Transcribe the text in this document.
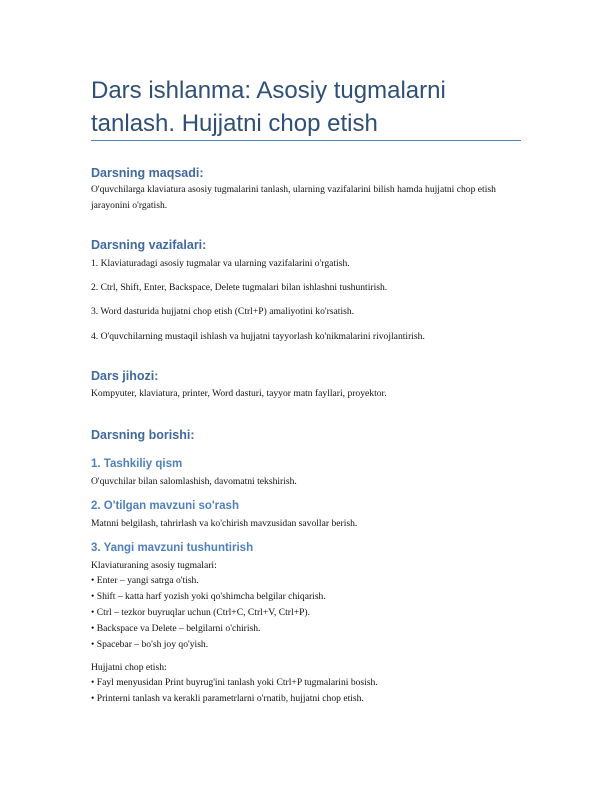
Dars ishlanma: Asosiy tugmalarni tanlash. Hujjatni chop etish
Darsning maqsadi:
O'quvchilarga klaviatura asosiy tugmalarini tanlash, ularning vazifalarini bilish hamda hujjatni chop etish jarayonini o'rgatish.
Darsning vazifalari:
1. Klaviaturadagi asosiy tugmalar va ularning vazifalarini o'rgatish.
2. Ctrl, Shift, Enter, Backspace, Delete tugmalari bilan ishlashni tushuntirish.
3. Word dasturida hujjatni chop etish (Ctrl+P) amaliyotini ko'rsatish.
4. O'quvchilarning mustaqil ishlash va hujjatni tayyorlash ko'nikmalarini rivojlantirish.
Dars jihozi:
Kompyuter, klaviatura, printer, Word dasturi, tayyor matn fayllari, proyektor.
Darsning borishi:
1. Tashkiliy qism
O'quvchilar bilan salomlashish, davomatni tekshirish.
2. O'tilgan mavzuni so'rash
Matnni belgilash, tahrirlash va ko'chirish mavzusidan savollar berish.
3. Yangi mavzuni tushuntirish
Klaviaturaning asosiy tugmalari:
• Enter – yangi satrga o'tish.
• Shift – katta harf yozish yoki qo'shimcha belgilar chiqarish.
• Ctrl – tezkor buyruqlar uchun (Ctrl+C, Ctrl+V, Ctrl+P).
• Backspace va Delete – belgilarni o'chirish.
• Spacebar – bo'sh joy qo'yish.
Hujjatni chop etish:
• Fayl menyusidan Print buyrug'ini tanlash yoki Ctrl+P tugmalarini bosish.
• Printerni tanlash va kerakli parametrlarni o'rnatib, hujjatni chop etish.
